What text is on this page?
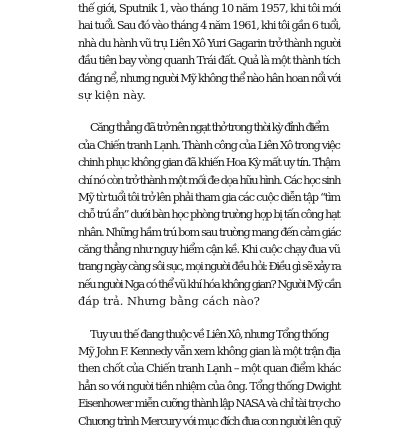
thế giới, Sputnik 1, vào tháng 10 năm 1957, khi tôi mới
hai tuổi. Sau đó vào tháng 4 năm 1961, khi tôi gần 6 tuổi,
nhà du hành vũ trụ Liên Xô Yuri Gagarin trở thành người
đầu tiên bay vòng quanh Trái đất. Quả là một thành tích
đáng nể, nhưng người Mỹ không thể nào hân hoan nổi với
sự kiện này.
Căng thẳng đã trở nên ngạt thở trong thời kỳ đỉnh điểm
của Chiến tranh Lạnh. Thành công của Liên Xô trong việc
chinh phục không gian đã khiến Hoa Kỳ mất uy tín. Thậm
chí nó còn trở thành một mối đe dọa hữu hình. Các học sinh
Mỹ từ tuổi tôi trở lên phải tham gia các cuộc diễn tập “tìm
chỗ trú ẩn” dưới bàn học phòng trường hợp bị tấn công hạt
nhân. Những hầm trú bom sau trường mang đến cảm giác
căng thẳng như nguy hiểm cận kề. Khi cuộc chạy đua vũ
trang ngày càng sôi sục, mọi người đều hỏi: Điều gì sẽ xảy ra
nếu người Nga có thể vũ khí hóa không gian? Người Mỹ cần
đáp trả. Nhưng bằng cách nào?
Tuy ưu thế đang thuộc về Liên Xô, nhưng Tổng thống
Mỹ John F. Kennedy vẫn xem không gian là một trận địa
then chốt của Chiến tranh Lạnh – một quan điểm khác
hẳn so với người tiền nhiệm của ông. Tổng thống Dwight
Eisenhower miễn cưỡng thành lập NASA và chỉ tài trợ cho
Chương trình Mercury với mục đích đưa con người lên quỹ
